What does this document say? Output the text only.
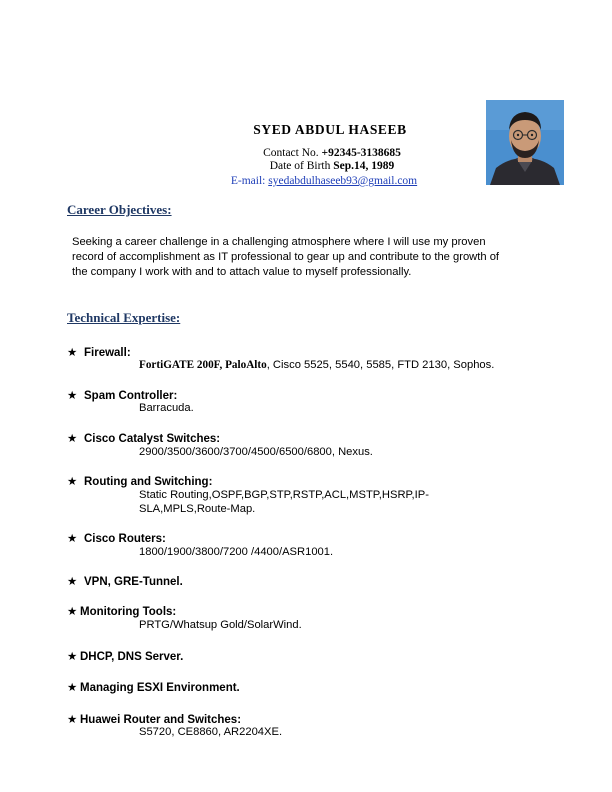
SYED ABDUL HASEEB
Contact No. +92345-3138685
Date of Birth Sep.14, 1989
E-mail: syedabdulhaseeb93@gmail.com
Career Objectives:
Seeking a career challenge in a challenging atmosphere where I will use my proven
record of accomplishment as IT professional to gear up and contribute to the growth of
the company I work with and to attach value to myself professionally.
Technical Expertise:
★ Firewall:
FortiGATE 200F, PaloAlto, Cisco 5525, 5540, 5585, FTD 2130, Sophos.
★ Spam Controller:
Barracuda.
★ Cisco Catalyst Switches:
2900/3500/3600/3700/4500/6500/6800, Nexus.
★ Routing and Switching:
Static Routing,OSPF,BGP,STP,RSTP,ACL,MSTP,HSRP,IP-
SLA,MPLS,Route-Map.
★ Cisco Routers:
1800/1900/3800/7200 /4400/ASR1001.
★ VPN, GRE-Tunnel.
★ Monitoring Tools:
PRTG/Whatsup Gold/SolarWind.
★ DHCP, DNS Server.
★ Managing ESXI Environment.
★ Huawei Router and Switches:
S5720, CE8860, AR2204XE.
